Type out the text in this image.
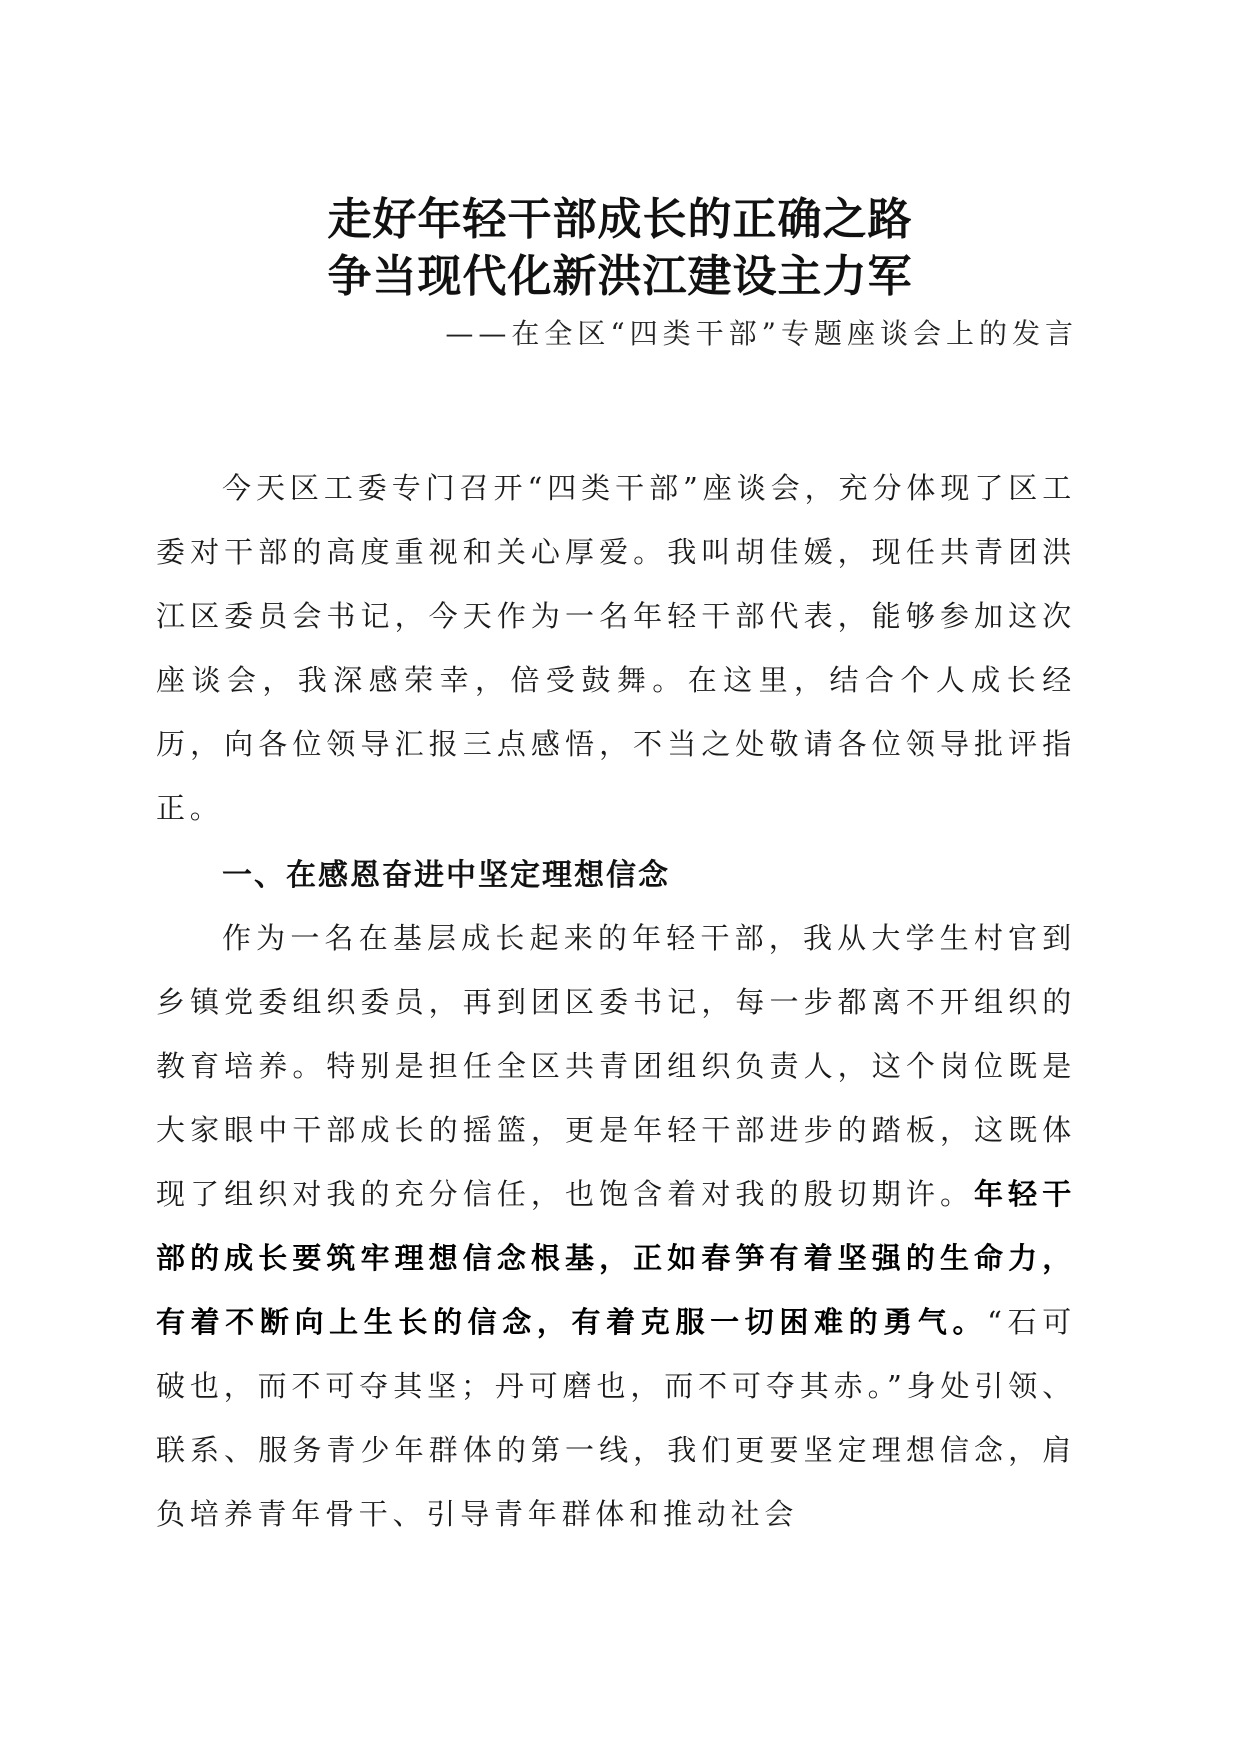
走好年轻干部成长的正确之路
争当现代化新洪江建设主力军

——在全区“四类干部”专题座谈会上的发言

今天区工委专门召开“四类干部”座谈会，充分体现了区工委对干部的高度重视和关心厚爱。我叫胡佳媛，现任共青团洪江区委员会书记，今天作为一名年轻干部代表，能够参加这次座谈会，我深感荣幸，倍受鼓舞。在这里，结合个人成长经历，向各位领导汇报三点感悟，不当之处敬请各位领导批评指正。

一、在感恩奋进中坚定理想信念

作为一名在基层成长起来的年轻干部，我从大学生村官到乡镇党委组织委员，再到团区委书记，每一步都离不开组织的教育培养。特别是担任全区共青团组织负责人，这个岗位既是大家眼中干部成长的摇篮，更是年轻干部进步的踏板，这既体现了组织对我的充分信任，也饱含着对我的殷切期许。年轻干部的成长要筑牢理想信念根基，正如春笋有着坚强的生命力，有着不断向上生长的信念，有着克服一切困难的勇气。“石可破也，而不可夺其坚；丹可磨也，而不可夺其赤。”身处引领、联系、服务青少年群体的第一线，我们更要坚定理想信念，肩负培养青年骨干、引导青年群体和推动社会
